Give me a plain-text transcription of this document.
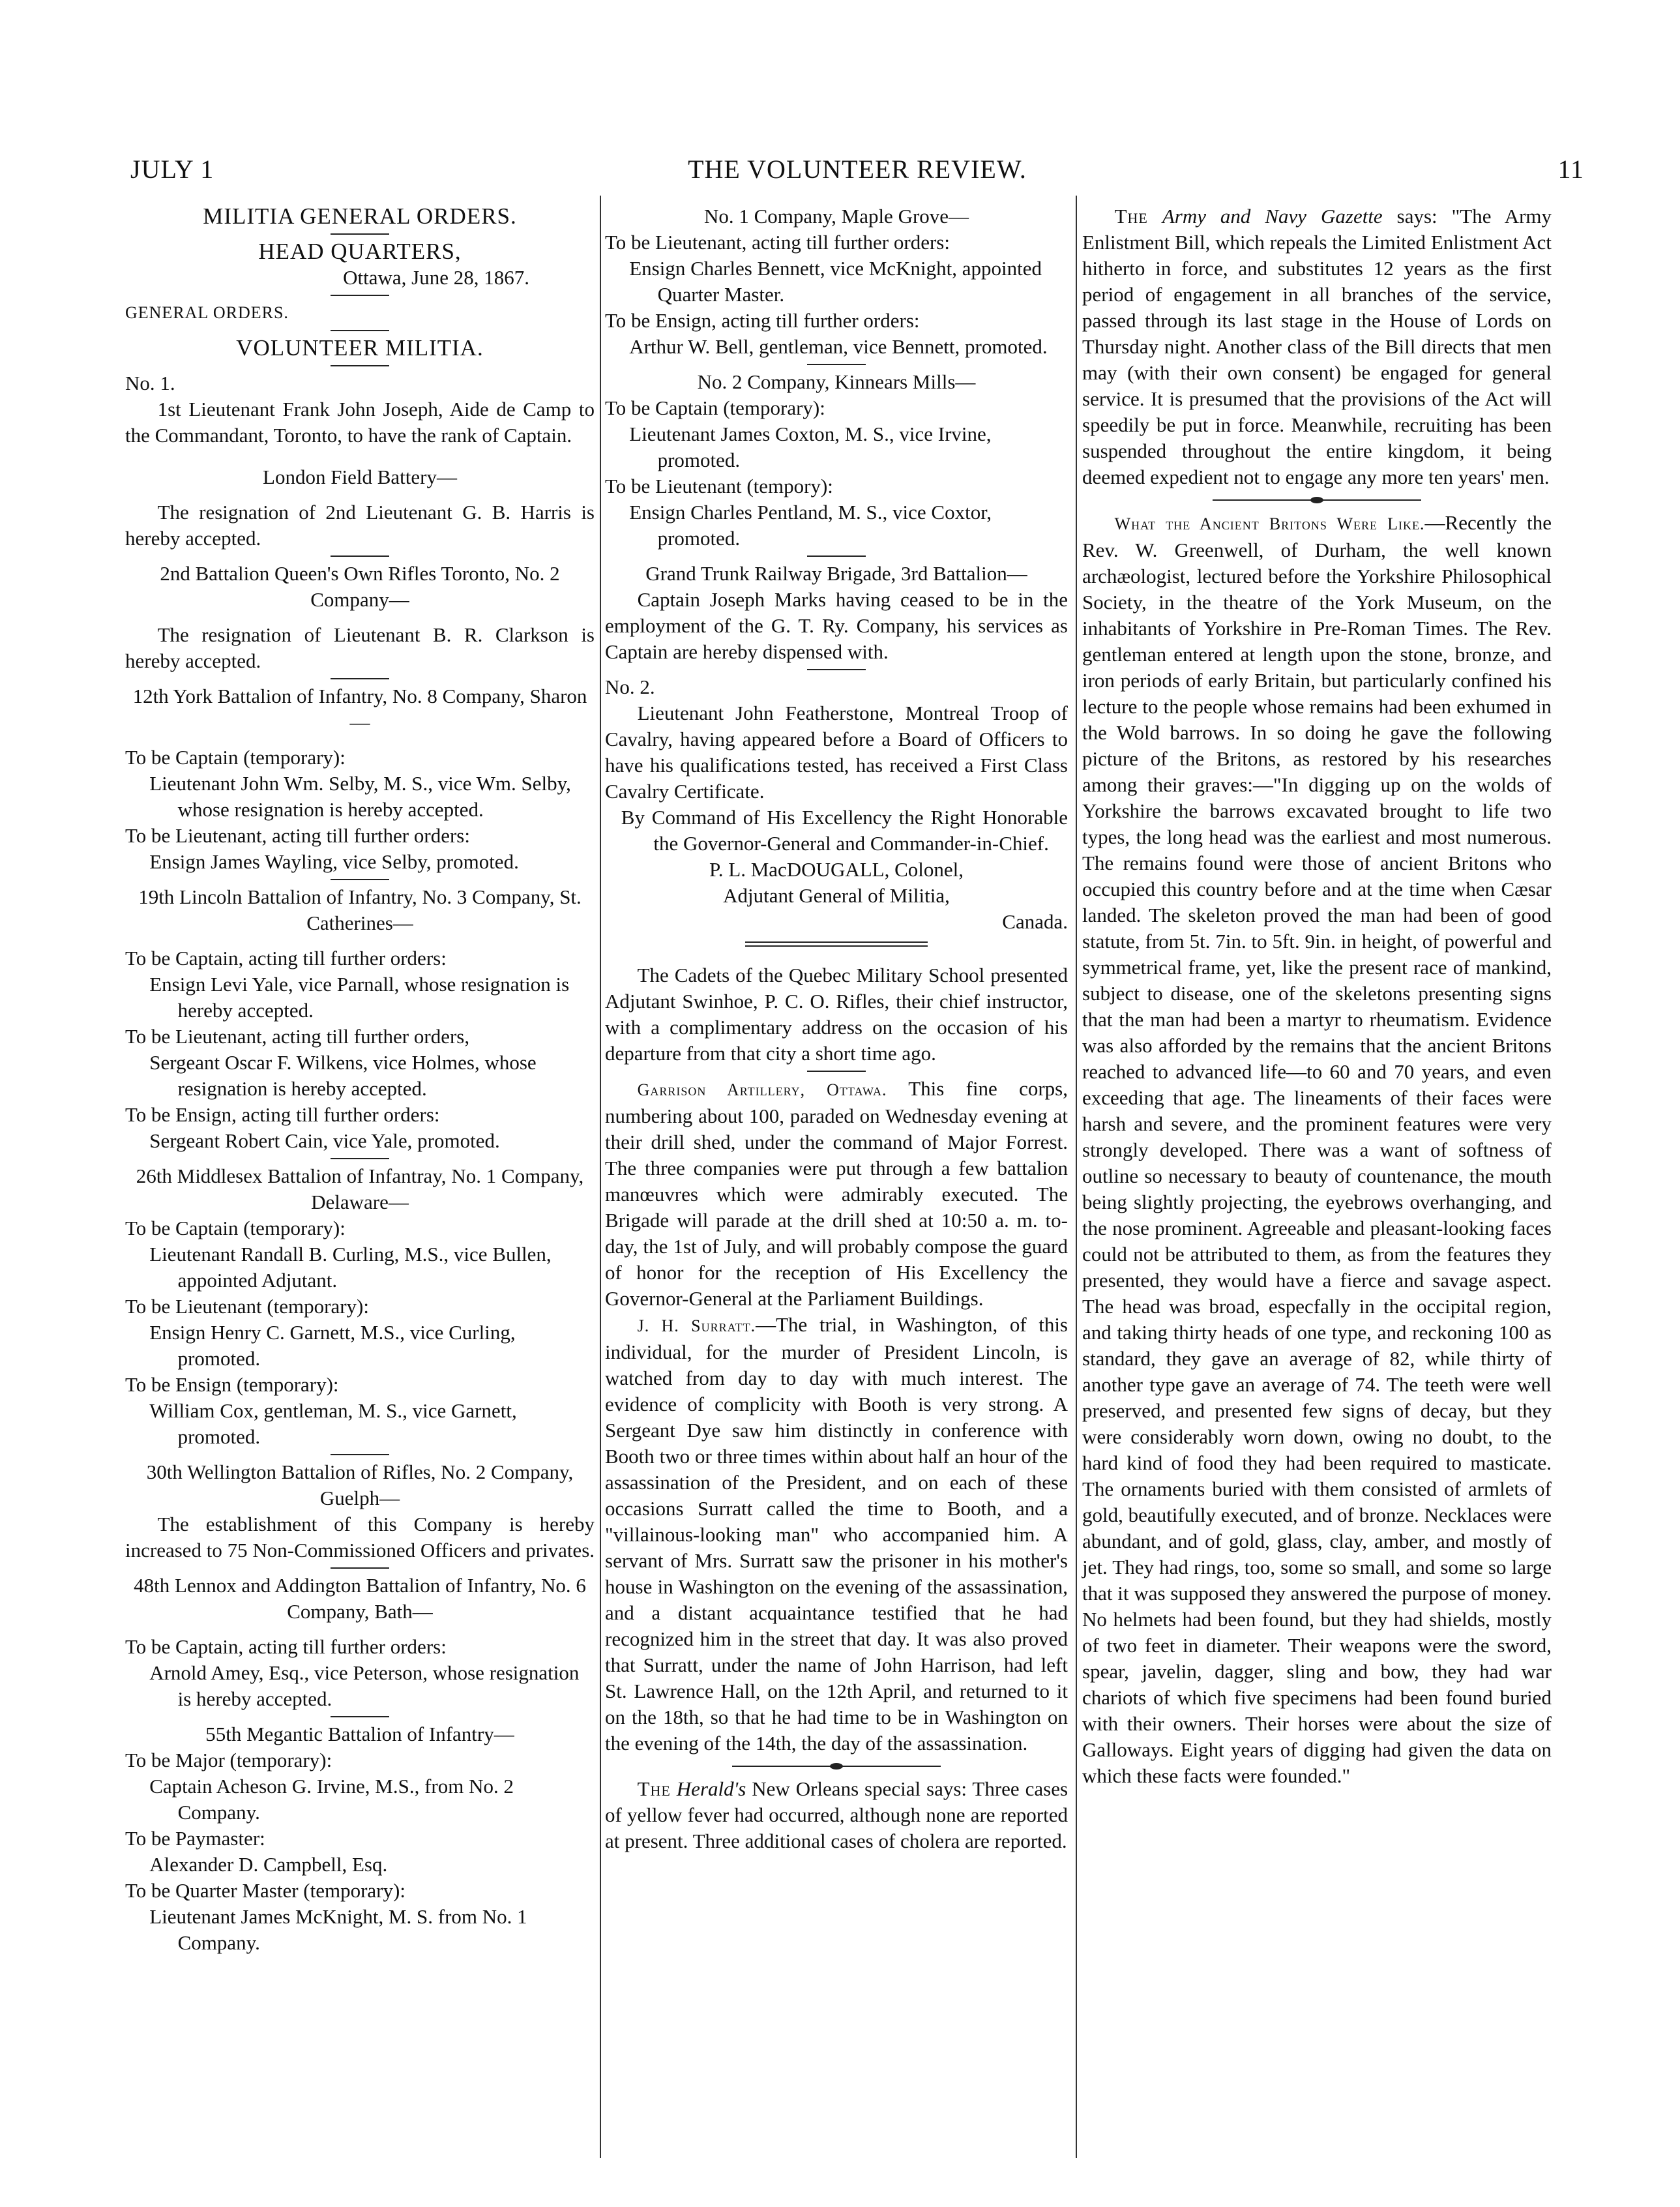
JULY 1	THE VOLUNTEER REVIEW.	11

MILITIA GENERAL ORDERS.

HEAD QUARTERS,

Ottawa, June 28, 1867.

GENERAL ORDERS.

VOLUNTEER MILITIA.

No. 1.

1st Lieutenant Frank John Joseph, Aide de Camp to the Commandant, Toronto, to have the rank of Captain.

London Field Battery—

The resignation of 2nd Lieutenant G. B. Harris is hereby accepted.

2nd Battalion Queen's Own Rifles Toronto, No. 2 Company—

The resignation of Lieutenant B. R. Clarkson is hereby accepted.

12th York Battalion of Infantry, No. 8 Company, Sharon—

To be Captain (temporary):

Lieutenant John Wm. Selby, M. S., vice Wm. Selby, whose resignation is hereby accepted.

To be Lieutenant, acting till further orders:

Ensign James Wayling, vice Selby, promoted.

19th Lincoln Battalion of Infantry, No. 3 Company, St. Catherines—

To be Captain, acting till further orders:

Ensign Levi Yale, vice Parnall, whose resignation is hereby accepted.

To be Lieutenant, acting till further orders,

Sergeant Oscar F. Wilkens, vice Holmes, whose resignation is hereby accepted.

To be Ensign, acting till further orders:

Sergeant Robert Cain, vice Yale, promoted.

26th Middlesex Battalion of Infantray, No. 1 Company, Delaware—

To be Captain (temporary):

Lieutenant Randall B. Curling, M.S., vice Bullen, appointed Adjutant.

To be Lieutenant (temporary):

Ensign Henry C. Garnett, M.S., vice Curling, promoted.

To be Ensign (temporary):

William Cox, gentleman, M. S., vice Garnett, promoted.

30th Wellington Battalion of Rifles, No. 2 Company, Guelph—

The establishment of this Company is hereby increased to 75 Non-Commissioned Officers and privates.

48th Lennox and Addington Battalion of Infantry, No. 6 Company, Bath—

To be Captain, acting till further orders:

Arnold Amey, Esq., vice Peterson, whose resignation is hereby accepted.

55th Megantic Battalion of Infantry—

To be Major (temporary):

Captain Acheson G. Irvine, M.S., from No. 2 Company.

To be Paymaster:

Alexander D. Campbell, Esq.

To be Quarter Master (temporary):

Lieutenant James McKnight, M. S. from No. 1 Company.

No. 1 Company, Maple Grove—

To be Lieutenant, acting till further orders:

Ensign Charles Bennett, vice McKnight, appointed Quarter Master.

To be Ensign, acting till further orders:

Arthur W. Bell, gentleman, vice Bennett, promoted.

No. 2 Company, Kinnears Mills—

To be Captain (temporary):

Lieutenant James Coxton, M. S., vice Irvine, promoted.

To be Lieutenant (tempory):

Ensign Charles Pentland, M. S., vice Coxtor, promoted.

Grand Trunk Railway Brigade, 3rd Battalion—

Captain Joseph Marks having ceased to be in the employment of the G. T. Ry. Company, his services as Captain are hereby dispensed with.

No. 2.

Lieutenant John Featherstone, Montreal Troop of Cavalry, having appeared before a Board of Officers to have his qualifications tested, has received a First Class Cavalry Certificate.

By Command of His Excellency the Right Honorable the Governor-General and Commander-in-Chief.

P. L. MacDOUGALL, Colonel,

Adjutant General of Militia,

Canada.

The Cadets of the Quebec Military School presented Adjutant Swinhoe, P. C. O. Rifles, their chief instructor, with a complimentary address on the occasion of his departure from that city a short time ago.

Garrison Artillery, Ottawa. This fine corps, numbering about 100, paraded on Wednesday evening at their drill shed, under the command of Major Forrest. The three companies were put through a few battalion manœuvres which were admirably executed. The Brigade will parade at the drill shed at 10:50 a. m. to-day, the 1st of July, and will probably compose the guard of honor for the reception of His Excellency the Governor-General at the Parliament Buildings.

J. H. Surratt.—The trial, in Washington, of this individual, for the murder of President Lincoln, is watched from day to day with much interest. The evidence of complicity with Booth is very strong. A Sergeant Dye saw him distinctly in conference with Booth two or three times within about half an hour of the assassination of the President, and on each of these occasions Surratt called the time to Booth, and a "villainous-looking man" who accompanied him. A servant of Mrs. Surratt saw the prisoner in his mother's house in Washington on the evening of the assassination, and a distant acquaintance testified that he had recognized him in the street that day. It was also proved that Surratt, under the name of John Harrison, had left St. Lawrence Hall, on the 12th April, and returned to it on the 18th, so that he had time to be in Washington on the evening of the 14th, the day of the assassination.

The Herald's New Orleans special says: Three cases of yellow fever had occurred, although none are reported at present. Three additional cases of cholera are reported.

The Army and Navy Gazette says: "The Army Enlistment Bill, which repeals the Limited Enlistment Act hitherto in force, and substitutes 12 years as the first period of engagement in all branches of the service, passed through its last stage in the House of Lords on Thursday night. Another class of the Bill directs that men may (with their own consent) be engaged for general service. It is presumed that the provisions of the Act will speedily be put in force. Meanwhile, recruiting has been suspended throughout the entire kingdom, it being deemed expedient not to engage any more ten years' men.

What the Ancient Britons Were Like.—Recently the Rev. W. Greenwell, of Durham, the well known archæologist, lectured before the Yorkshire Philosophical Society, in the theatre of the York Museum, on the inhabitants of Yorkshire in Pre-Roman Times. The Rev. gentleman entered at length upon the stone, bronze, and iron periods of early Britain, but particularly confined his lecture to the people whose remains had been exhumed in the Wold barrows. In so doing he gave the following picture of the Britons, as restored by his researches among their graves:—"In digging up on the wolds of Yorkshire the barrows excavated brought to life two types, the long head was the earliest and most numerous. The remains found were those of ancient Britons who occupied this country before and at the time when Cæsar landed. The skeleton proved the man had been of good statute, from 5t. 7in. to 5ft. 9in. in height, of powerful and symmetrical frame, yet, like the present race of mankind, subject to disease, one of the skeletons presenting signs that the man had been a martyr to rheumatism. Evidence was also afforded by the remains that the ancient Britons reached to advanced life—to 60 and 70 years, and even exceeding that age. The lineaments of their faces were harsh and severe, and the prominent features were very strongly developed. There was a want of softness of outline so necessary to beauty of countenance, the mouth being slightly projecting, the eyebrows overhanging, and the nose prominent. Agreeable and pleasant-looking faces could not be attributed to them, as from the features they presented, they would have a fierce and savage aspect. The head was broad, especfally in the occipital region, and taking thirty heads of one type, and reckoning 100 as standard, they gave an average of 82, while thirty of another type gave an average of 74. The teeth were well preserved, and presented few signs of decay, but they were considerably worn down, owing no doubt, to the hard kind of food they had been required to masticate. The ornaments buried with them consisted of armlets of gold, beautifully executed, and of bronze. Necklaces were abundant, and of gold, glass, clay, amber, and mostly of jet. They had rings, too, some so small, and some so large that it was supposed they answered the purpose of money. No helmets had been found, but they had shields, mostly of two feet in diameter. Their weapons were the sword, spear, javelin, dagger, sling and bow, they had war chariots of which five specimens had been found buried with their owners. Their horses were about the size of Galloways. Eight years of digging had given the data on which these facts were founded."
